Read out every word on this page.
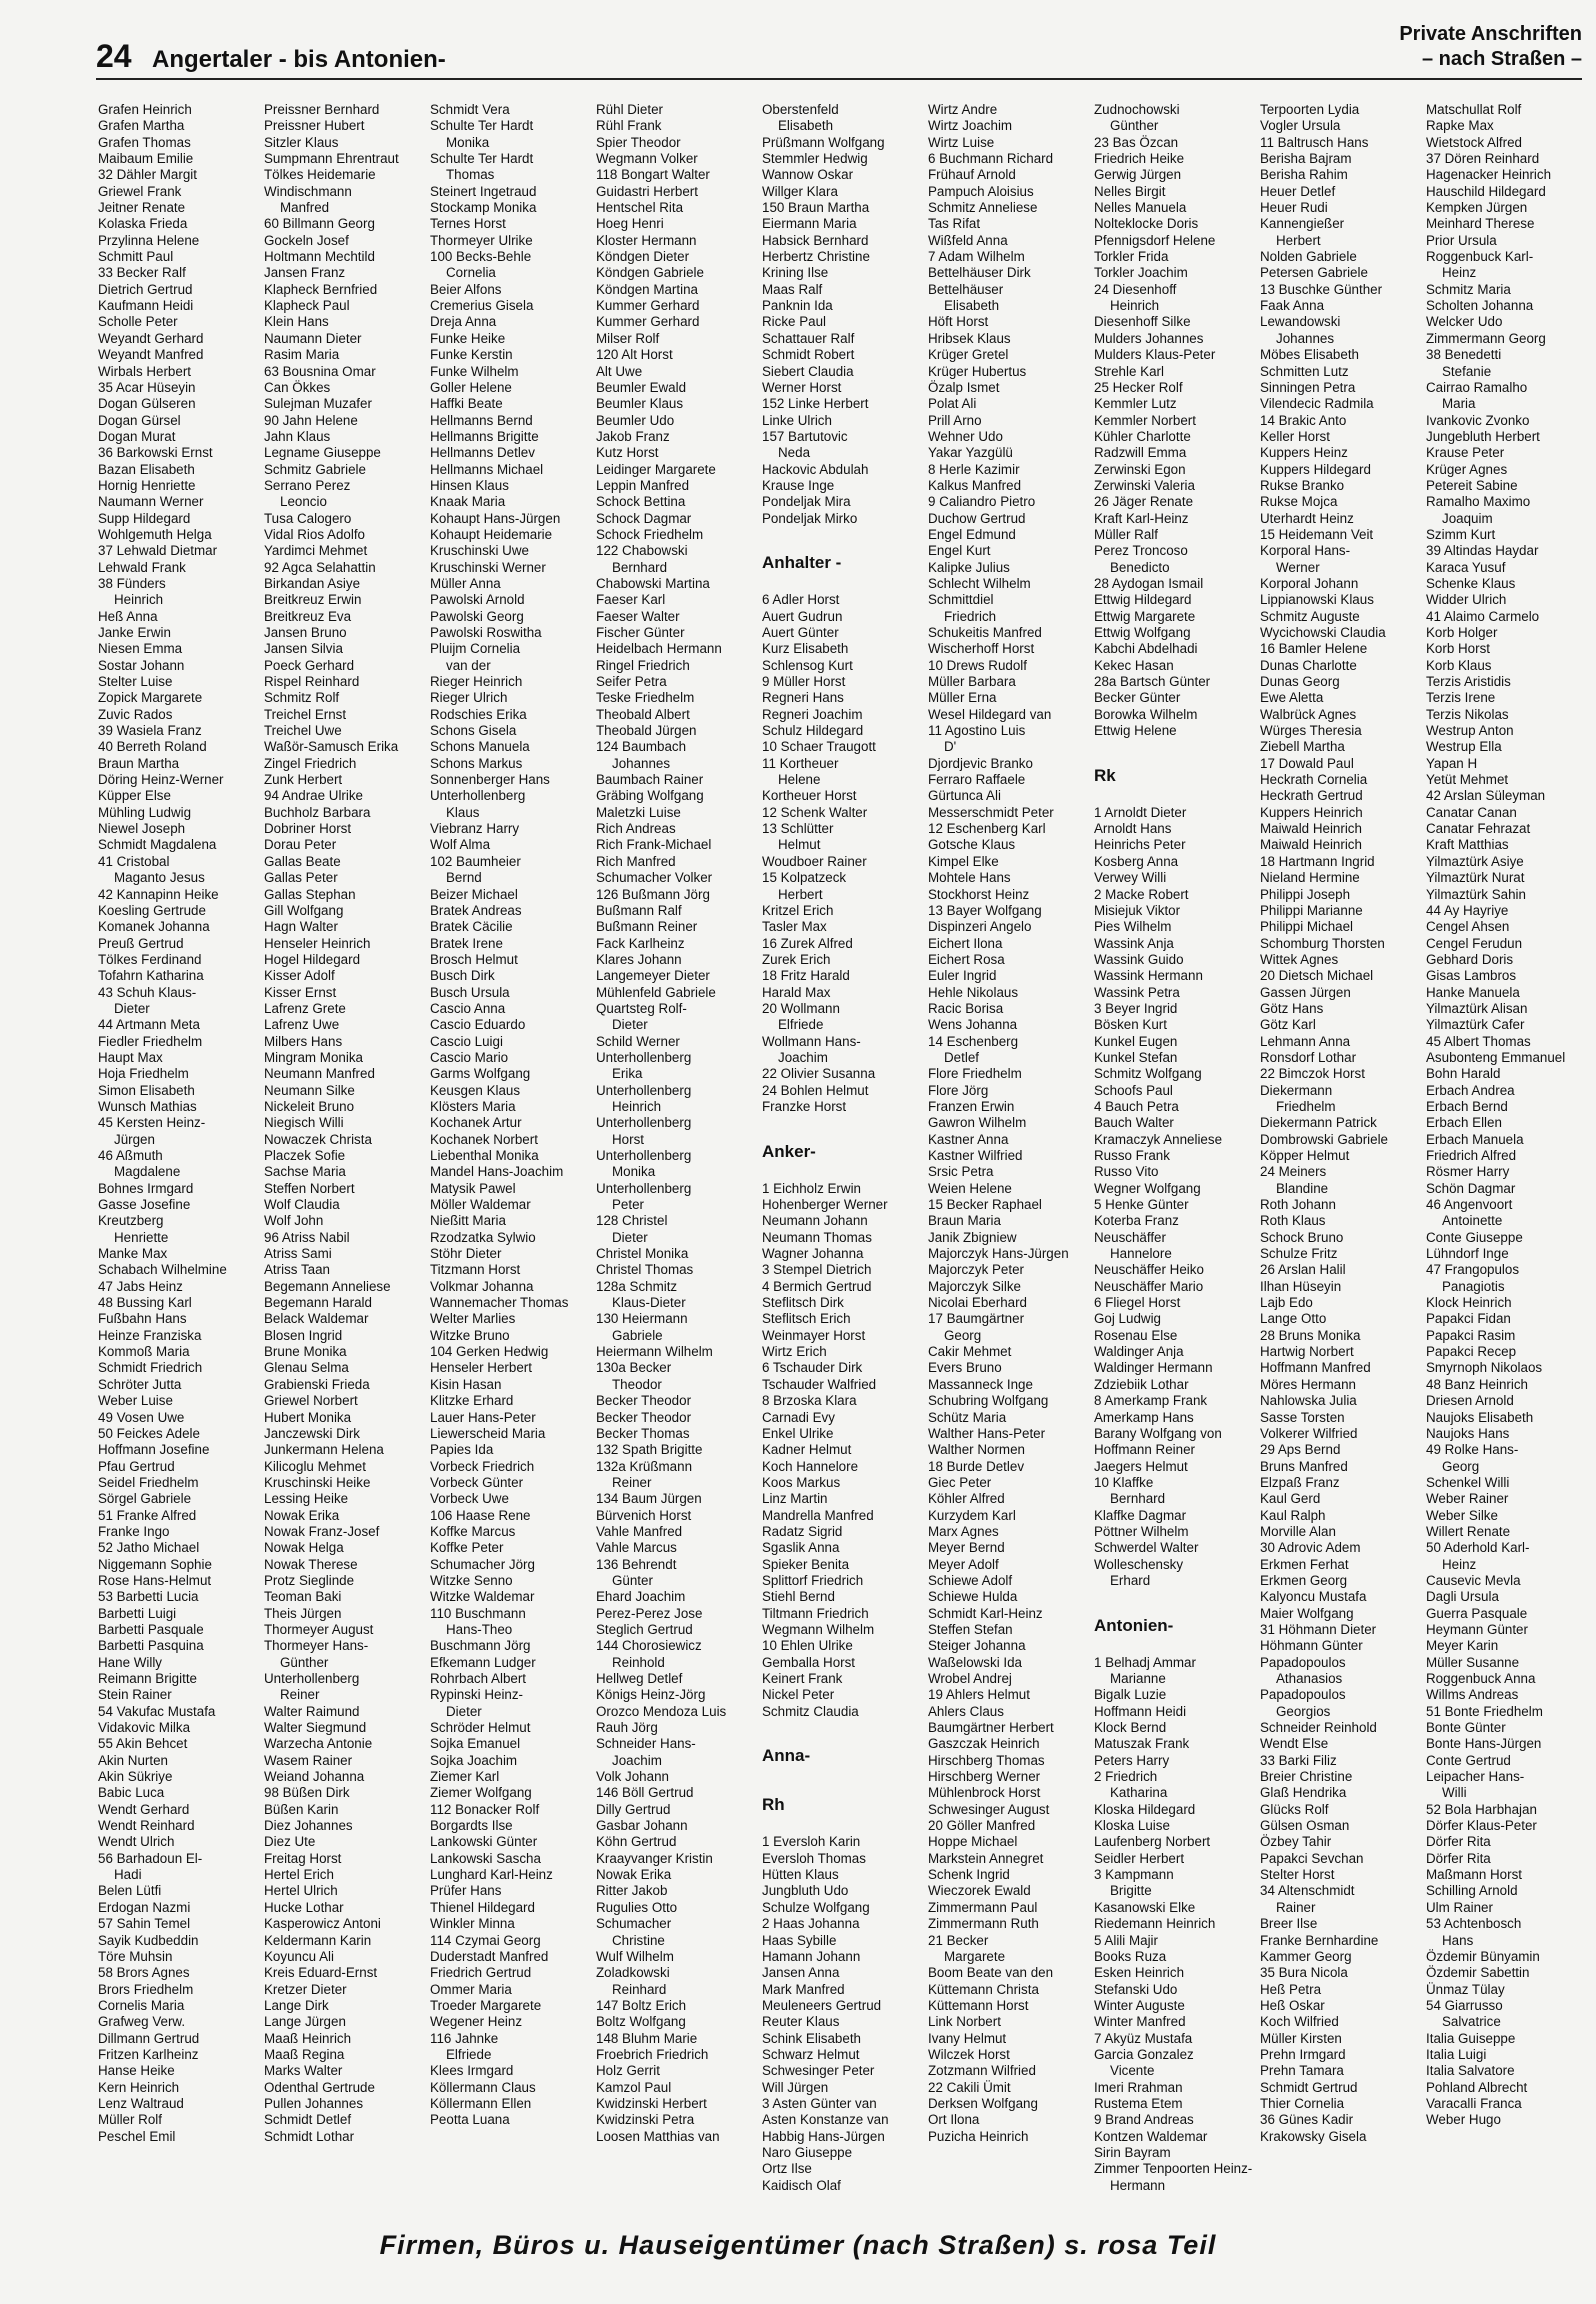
24 Angertaler - bis Antonien-
Private Anschriften
– nach Straßen –
Grafen Heinrich
Grafen Martha
Grafen Thomas
Maibaum Emilie
32 Dähler Margit
Griewel Frank
Jeitner Renate
Kolaska Frieda
Przylinna Helene
Schmitt Paul
33 Becker Ralf
Dietrich Gertrud
Kaufmann Heidi
Scholle Peter
Weyandt Gerhard
Weyandt Manfred
Wirbals Herbert
35 Acar Hüseyin
Dogan Gülseren
Dogan Gürsel
Dogan Murat
36 Barkowski Ernst
Bazan Elisabeth
Hornig Henriette
Naumann Werner
Supp Hildegard
Wohlgemuth Helga
37 Lehwald Dietmar
Lehwald Frank
38 Fünders
Heinrich
Heß Anna
Janke Erwin
Niesen Emma
Sostar Johann
Stelter Luise
Zopick Margarete
Zuvic Rados
39 Wasiela Franz
40 Berreth Roland
Braun Martha
Döring Heinz-Werner
Küpper Else
Mühling Ludwig
Niewel Joseph
Schmidt Magdalena
41 Cristobal
Maganto Jesus
42 Kannapinn Heike
Koesling Gertrude
Komanek Johanna
Preuß Gertrud
Tölkes Ferdinand
Tofahrn Katharina
43 Schuh Klaus-
Dieter
44 Artmann Meta
Fiedler Friedhelm
Haupt Max
Hoja Friedhelm
Simon Elisabeth
Wunsch Mathias
45 Kersten Heinz-
Jürgen
46 Aßmuth
Magdalene
Bohnes Irmgard
Gasse Josefine
Kreutzberg
Henriette
Manke Max
Schabach Wilhelmine
47 Jabs Heinz
48 Bussing Karl
Fußbahn Hans
Heinze Franziska
Kommoß Maria
Schmidt Friedrich
Schröter Jutta
Weber Luise
49 Vosen Uwe
50 Feickes Adele
Hoffmann Josefine
Pfau Gertrud
Seidel Friedhelm
Sörgel Gabriele
51 Franke Alfred
Franke Ingo
52 Jatho Michael
Niggemann Sophie
Rose Hans-Helmut
53 Barbetti Lucia
Barbetti Luigi
Barbetti Pasquale
Barbetti Pasquina
Hane Willy
Reimann Brigitte
Stein Rainer
54 Vakufac Mustafa
Vidakovic Milka
55 Akin Behcet
Akin Nurten
Akin Sükriye
Babic Luca
Wendt Gerhard
Wendt Reinhard
Wendt Ulrich
56 Barhadoun El-
Hadi
Belen Lütfi
Erdogan Nazmi
57 Sahin Temel
Sayik Kudbeddin
Töre Muhsin
58 Brors Agnes
Brors Friedhelm
Cornelis Maria
Grafweg Verw.
Dillmann Gertrud
Fritzen Karlheinz
Hanse Heike
Kern Heinrich
Lenz Waltraud
Müller Rolf
Peschel Emil
Preissner Bernhard
Preissner Hubert
Sitzler Klaus
Sumpmann Ehrentraut
Tölkes Heidemarie
Windischmann
Manfred
60 Billmann Georg
Gockeln Josef
Holtmann Mechtild
Jansen Franz
Klapheck Bernfried
Klapheck Paul
Klein Hans
Naumann Dieter
Rasim Maria
63 Bousnina Omar
Can Ökkes
Sulejman Muzafer
90 Jahn Helene
Jahn Klaus
Legname Giuseppe
Schmitz Gabriele
Serrano Perez
Leoncio
Tusa Calogero
Vidal Rios Adolfo
Yardimci Mehmet
92 Agca Selahattin
Birkandan Asiye
Breitkreuz Erwin
Breitkreuz Eva
Jansen Bruno
Jansen Silvia
Poeck Gerhard
Rispel Reinhard
Schmitz Rolf
Treichel Ernst
Treichel Uwe
Waßör-Samusch Erika
Zingel Friedrich
Zunk Herbert
94 Andrae Ulrike
Buchholz Barbara
Dobriner Horst
Dorau Peter
Gallas Beate
Gallas Peter
Gallas Stephan
Gill Wolfgang
Hagn Walter
Henseler Heinrich
Hogel Hildegard
Kisser Adolf
Kisser Ernst
Lafrenz Grete
Lafrenz Uwe
Milbers Hans
Mingram Monika
Neumann Manfred
Neumann Silke
Nickeleit Bruno
Niegisch Willi
Nowaczek Christa
Placzek Sofie
Sachse Maria
Steffen Norbert
Wolf Claudia
Wolf John
96 Atriss Nabil
Atriss Sami
Atriss Taan
Begemann Anneliese
Begemann Harald
Belack Waldemar
Blosen Ingrid
Brune Monika
Glenau Selma
Grabienski Frieda
Griewel Norbert
Hubert Monika
Janczewski Dirk
Junkermann Helena
Kilicoglu Mehmet
Kruschinski Heike
Lessing Heike
Nowak Erika
Nowak Franz-Josef
Nowak Helga
Nowak Therese
Protz Sieglinde
Teoman Baki
Theis Jürgen
Thormeyer August
Thormeyer Hans-
Günther
Unterhollenberg
Reiner
Walter Raimund
Walter Siegmund
Warzecha Antonie
Wasem Rainer
Weiand Johanna
98 Büßen Dirk
Büßen Karin
Diez Johannes
Diez Ute
Freitag Horst
Hertel Erich
Hertel Ulrich
Hucke Lothar
Kasperowicz Antoni
Keldermann Karin
Koyuncu Ali
Kreis Eduard-Ernst
Kretzer Dieter
Lange Dirk
Lange Jürgen
Maaß Heinrich
Maaß Regina
Marks Walter
Odenthal Gertrude
Pullen Johannes
Schmidt Detlef
Schmidt Lothar
Schmidt Vera
Schulte Ter Hardt
Monika
Schulte Ter Hardt
Thomas
Steinert Ingetraud
Stockamp Monika
Ternes Horst
Thormeyer Ulrike
100 Becks-Behle
Cornelia
Beier Alfons
Cremerius Gisela
Dreja Anna
Funke Heike
Funke Kerstin
Funke Wilhelm
Goller Helene
Haffki Beate
Hellmanns Bernd
Hellmanns Brigitte
Hellmanns Detlev
Hellmanns Michael
Hinsen Klaus
Knaak Maria
Kohaupt Hans-Jürgen
Kohaupt Heidemarie
Kruschinski Uwe
Kruschinski Werner
Müller Anna
Pawolski Arnold
Pawolski Georg
Pawolski Roswitha
Pluijm Cornelia
van der
Rieger Heinrich
Rieger Ulrich
Rodschies Erika
Schons Gisela
Schons Manuela
Schons Markus
Sonnenberger Hans
Unterhollenberg
Klaus
Viebranz Harry
Wolf Alma
102 Baumheier
Bernd
Beizer Michael
Bratek Andreas
Bratek Cäcilie
Bratek Irene
Brosch Helmut
Busch Dirk
Busch Ursula
Cascio Anna
Cascio Eduardo
Cascio Luigi
Cascio Mario
Garms Wolfgang
Keusgen Klaus
Klösters Maria
Kochanek Artur
Kochanek Norbert
Liebenthal Monika
Mandel Hans-Joachim
Matysik Pawel
Möller Waldemar
Nießitt Maria
Rzodzatka Sylwio
Stöhr Dieter
Titzmann Horst
Volkmar Johanna
Wannemacher Thomas
Welter Marlies
Witzke Bruno
104 Gerken Hedwig
Henseler Herbert
Kisin Hasan
Klitzke Erhard
Lauer Hans-Peter
Liewerscheid Maria
Papies Ida
Vorbeck Friedrich
Vorbeck Günter
Vorbeck Uwe
106 Haase Rene
Koffke Marcus
Koffke Peter
Schumacher Jörg
Witzke Senno
Witzke Waldemar
110 Buschmann
Hans-Theo
Buschmann Jörg
Efkemann Ludger
Rohrbach Albert
Rypinski Heinz-
Dieter
Schröder Helmut
Sojka Emanuel
Sojka Joachim
Ziemer Karl
Ziemer Wolfgang
112 Bonacker Rolf
Borgardts Ilse
Lankowski Günter
Lankowski Sascha
Lunghard Karl-Heinz
Prüfer Hans
Thienel Hildegard
Winkler Minna
114 Czymai Georg
Duderstadt Manfred
Friedrich Gertrud
Ommer Maria
Troeder Margarete
Wegener Heinz
116 Jahnke
Elfriede
Klees Irmgard
Köllermann Claus
Köllermann Ellen
Peotta Luana
Rühl Dieter
Rühl Frank
Spier Theodor
Wegmann Volker
118 Bongart Walter
Guidastri Herbert
Hentschel Rita
Hoeg Henri
Kloster Hermann
Köndgen Dieter
Köndgen Gabriele
Köndgen Martina
Kummer Gerhard
Kummer Gerhard
Milser Rolf
120 Alt Horst
Alt Uwe
Beumler Ewald
Beumler Klaus
Beumler Udo
Jakob Franz
Kutz Horst
Leidinger Margarete
Leppin Manfred
Schock Bettina
Schock Dagmar
Schock Friedhelm
122 Chabowski
Bernhard
Chabowski Martina
Faeser Karl
Faeser Walter
Fischer Günter
Heidelbach Hermann
Ringel Friedrich
Seifer Petra
Teske Friedhelm
Theobald Albert
Theobald Jürgen
124 Baumbach
Johannes
Baumbach Rainer
Gräbing Wolfgang
Maletzki Luise
Rich Andreas
Rich Frank-Michael
Rich Manfred
Schumacher Volker
126 Bußmann Jörg
Bußmann Ralf
Bußmann Reiner
Fack Karlheinz
Klares Johann
Langemeyer Dieter
Mühlenfeld Gabriele
Quartsteg Rolf-
Dieter
Schild Werner
Unterhollenberg
Erika
Unterhollenberg
Heinrich
Unterhollenberg
Horst
Unterhollenberg
Monika
Unterhollenberg
Peter
128 Christel
Dieter
Christel Monika
Christel Thomas
128a Schmitz
Klaus-Dieter
130 Heiermann
Gabriele
Heiermann Wilhelm
130a Becker
Theodor
Becker Theodor
Becker Theodor
Becker Thomas
132 Spath Brigitte
132a Krüßmann
Reiner
134 Baum Jürgen
Bürvenich Horst
Vahle Manfred
Vahle Marcus
136 Behrendt
Günter
Ehard Joachim
Perez-Perez Jose
Steglich Gertrud
144 Chorosiewicz
Reinhold
Hellweg Detlef
Königs Heinz-Jörg
Orozco Mendoza Luis
Rauh Jörg
Schneider Hans-
Joachim
Volk Johann
146 Böll Gertrud
Dilly Gertrud
Gasbar Johann
Köhn Gertrud
Kraayvanger Kristin
Nowak Erika
Ritter Jakob
Rugulies Otto
Schumacher
Christine
Wulf Wilhelm
Zoladkowski
Reinhard
147 Boltz Erich
Boltz Wolfgang
148 Bluhm Marie
Froebrich Friedrich
Holz Gerrit
Kamzol Paul
Kwidzinski Herbert
Kwidzinski Petra
Loosen Matthias van
Oberstenfeld
Elisabeth
Prüßmann Wolfgang
Stemmler Hedwig
Wannow Oskar
Willger Klara
150 Braun Martha
Eiermann Maria
Habsick Bernhard
Herbertz Christine
Krining Ilse
Maas Ralf
Panknin Ida
Ricke Paul
Schattauer Ralf
Schmidt Robert
Siebert Claudia
Werner Horst
152 Linke Herbert
Linke Ulrich
157 Bartutovic
Neda
Hackovic Abdulah
Krause Inge
Pondeljak Mira
Pondeljak Mirko
Anhalter -
6 Adler Horst
Auert Gudrun
Auert Günter
Kurz Elisabeth
Schlensog Kurt
9 Müller Horst
Regneri Hans
Regneri Joachim
Schulz Hildegard
10 Schaer Traugott
11 Kortheuer
Helene
Kortheuer Horst
12 Schenk Walter
13 Schlütter
Helmut
Woudboer Rainer
15 Kolpatzeck
Herbert
Kritzel Erich
Tasler Max
16 Zurek Alfred
Zurek Erich
18 Fritz Harald
Harald Max
20 Wollmann
Elfriede
Wollmann Hans-
Joachim
22 Olivier Susanna
24 Bohlen Helmut
Franzke Horst
Anker-
1 Eichholz Erwin
Hohenberger Werner
Neumann Johann
Neumann Thomas
Wagner Johanna
3 Stempel Dietrich
4 Bermich Gertrud
Steflitsch Dirk
Steflitsch Erich
Weinmayer Horst
Wirtz Erich
6 Tschauder Dirk
Tschauder Walfried
8 Brzoska Klara
Carnadi Evy
Enkel Ulrike
Kadner Helmut
Koch Hannelore
Koos Markus
Linz Martin
Mandrella Manfred
Radatz Sigrid
Sgaslik Anna
Spieker Benita
Splittorf Friedrich
Stiehl Bernd
Tiltmann Friedrich
Wegmann Wilhelm
10 Ehlen Ulrike
Gemballa Horst
Keinert Frank
Nickel Peter
Schmitz Claudia
Anna-
Rh
1 Eversloh Karin
Eversloh Thomas
Hütten Klaus
Jungbluth Udo
Schulze Wolfgang
2 Haas Johanna
Haas Sybille
Hamann Johann
Jansen Anna
Mark Manfred
Meuleneers Gertrud
Reuter Klaus
Schink Elisabeth
Schwarz Helmut
Schwesinger Peter
Will Jürgen
3 Asten Günter van
Asten Konstanze van
Habbig Hans-Jürgen
Naro Giuseppe
Ortz Ilse
Kaidisch Olaf
Wirtz Andre
Wirtz Joachim
Wirtz Luise
6 Buchmann Richard
Frühauf Arnold
Pampuch Aloisius
Schmitz Anneliese
Tas Rifat
Wißfeld Anna
7 Adam Wilhelm
Bettelhäuser Dirk
Bettelhäuser
Elisabeth
Höft Horst
Hribsek Klaus
Krüger Gretel
Krüger Hubertus
Özalp Ismet
Polat Ali
Prill Arno
Wehner Udo
Yakar Yazgülü
8 Herle Kazimir
Kalkus Manfred
9 Caliandro Pietro
Duchow Gertrud
Engel Edmund
Engel Kurt
Kalipke Julius
Schlecht Wilhelm
Schmittdiel
Friedrich
Schukeitis Manfred
Wischerhoff Horst
10 Drews Rudolf
Müller Barbara
Müller Erna
Wesel Hildegard van
11 Agostino Luis
D'
Djordjevic Branko
Ferraro Raffaele
Gürtunca Ali
Messerschmidt Peter
12 Eschenberg Karl
Gotsche Klaus
Kimpel Elke
Mohtele Hans
Stockhorst Heinz
13 Bayer Wolfgang
Dispinzeri Angelo
Eichert Ilona
Eichert Rosa
Euler Ingrid
Hehle Nikolaus
Racic Borisa
Wens Johanna
14 Eschenberg
Detlef
Flore Friedhelm
Flore Jörg
Franzen Erwin
Gawron Wilhelm
Kastner Anna
Kastner Wilfried
Srsic Petra
Weien Helene
15 Becker Raphael
Braun Maria
Janik Zbigniew
Majorczyk Hans-Jürgen
Majorczyk Peter
Majorczyk Silke
Nicolai Eberhard
17 Baumgärtner
Georg
Cakir Mehmet
Evers Bruno
Massanneck Inge
Schubring Wolfgang
Schütz Maria
Walther Hans-Peter
Walther Normen
18 Burde Detlev
Giec Peter
Köhler Alfred
Kurzydem Karl
Marx Agnes
Meyer Bernd
Meyer Adolf
Schiewe Adolf
Schiewe Hulda
Schmidt Karl-Heinz
Steffen Stefan
Steiger Johanna
Waßelowski Ida
Wrobel Andrej
19 Ahlers Helmut
Ahlers Claus
Baumgärtner Herbert
Gaszczak Heinrich
Hirschberg Thomas
Hirschberg Werner
Mühlenbrock Horst
Schwesinger August
20 Göller Manfred
Hoppe Michael
Markstein Annegret
Schenk Ingrid
Wieczorek Ewald
Zimmermann Paul
Zimmermann Ruth
21 Becker
Margarete
Boom Beate van den
Küttemann Christa
Küttemann Horst
Link Norbert
Ivany Helmut
Wilczek Horst
Zotzmann Wilfried
22 Cakili Ümit
Derksen Wolfgang
Ort Ilona
Puzicha Heinrich
Zudnochowski
Günther
23 Bas Özcan
Friedrich Heike
Gerwig Jürgen
Nelles Birgit
Nelles Manuela
Nolteklocke Doris
Pfennigsdorf Helene
Torkler Frida
Torkler Joachim
24 Diesenhoff
Heinrich
Diesenhoff Silke
Mulders Johannes
Mulders Klaus-Peter
Strehle Karl
25 Hecker Rolf
Kemmler Lutz
Kemmler Norbert
Kühler Charlotte
Radzwill Emma
Zerwinski Egon
Zerwinski Valeria
26 Jäger Renate
Kraft Karl-Heinz
Müller Ralf
Perez Troncoso
Benedicto
28 Aydogan Ismail
Ettwig Hildegard
Ettwig Margarete
Ettwig Wolfgang
Kabchi Abdelhadi
Kekec Hasan
28a Bartsch Günter
Becker Günter
Borowka Wilhelm
Ettwig Helene
Rk
1 Arnoldt Dieter
Arnoldt Hans
Heinrichs Peter
Kosberg Anna
Verwey Willi
2 Macke Robert
Misiejuk Viktor
Pies Wilhelm
Wassink Anja
Wassink Guido
Wassink Hermann
Wassink Petra
3 Beyer Ingrid
Bösken Kurt
Kunkel Eugen
Kunkel Stefan
Schmitz Wolfgang
Schoofs Paul
4 Bauch Petra
Bauch Walter
Kramaczyk Anneliese
Russo Frank
Russo Vito
Wegner Wolfgang
5 Henke Günter
Koterba Franz
Neuschäffer
Hannelore
Neuschäffer Heiko
Neuschäffer Mario
6 Fliegel Horst
Goj Ludwig
Rosenau Else
Waldinger Anja
Waldinger Hermann
Zdziebiik Lothar
8 Amerkamp Frank
Amerkamp Hans
Barany Wolfgang von
Hoffmann Reiner
Jaegers Helmut
10 Klaffke
Bernhard
Klaffke Dagmar
Pöttner Wilhelm
Schwerdel Walter
Wolleschensky
Erhard
Antonien-
1 Belhadj Ammar
Marianne
Bigalk Luzie
Hoffmann Heidi
Klock Bernd
Matuszak Frank
Peters Harry
2 Friedrich
Katharina
Kloska Hildegard
Kloska Luise
Laufenberg Norbert
Seidler Herbert
3 Kampmann
Brigitte
Kasanowski Elke
Riedemann Heinrich
5 Alili Majir
Books Ruza
Esken Heinrich
Stefanski Udo
Winter Auguste
Winter Manfred
7 Akyüz Mustafa
Garcia Gonzalez
Vicente
Imeri Rrahman
Rustema Etem
9 Brand Andreas
Kontzen Waldemar
Sirin Bayram
Zimmer Tenpoorten Heinz-
Hermann
Terpoorten Lydia
Vogler Ursula
11 Baltrusch Hans
Berisha Bajram
Berisha Rahim
Heuer Detlef
Heuer Rudi
Kannengießer
Herbert
Nolden Gabriele
Petersen Gabriele
13 Buschke Günther
Faak Anna
Lewandowski
Johannes
Möbes Elisabeth
Schmitten Lutz
Sinningen Petra
Vilendecic Radmila
14 Brakic Anto
Keller Horst
Kuppers Heinz
Kuppers Hildegard
Rukse Branko
Rukse Mojca
Uterhardt Heinz
15 Heidemann Veit
Korporal Hans-
Werner
Korporal Johann
Lippianowski Klaus
Schmitz Auguste
Wycichowski Claudia
16 Bamler Helene
Dunas Charlotte
Dunas Georg
Ewe Aletta
Walbrück Agnes
Würges Theresia
Ziebell Martha
17 Dowald Paul
Heckrath Cornelia
Heckrath Gertrud
Kuppers Heinrich
Maiwald Heinrich
Maiwald Heinrich
18 Hartmann Ingrid
Nieland Hermine
Philippi Joseph
Philippi Marianne
Philippi Michael
Schomburg Thorsten
Wittek Agnes
20 Dietsch Michael
Gassen Jürgen
Götz Hans
Götz Karl
Lehmann Anna
Ronsdorf Lothar
22 Bimczok Horst
Diekermann
Friedhelm
Diekermann Patrick
Dombrowski Gabriele
Köpper Helmut
24 Meiners
Blandine
Roth Johann
Roth Klaus
Schock Bruno
Schulze Fritz
26 Arslan Halil
Ilhan Hüseyin
Lajb Edo
Lange Otto
28 Bruns Monika
Hartwig Norbert
Hoffmann Manfred
Möres Hermann
Nahlowska Julia
Sasse Torsten
Volkerer Wilfried
29 Aps Bernd
Bruns Manfred
Elzpaß Franz
Kaul Gerd
Kaul Ralph
Morville Alan
30 Adrovic Adem
Erkmen Ferhat
Erkmen Georg
Kalyoncu Mustafa
Maier Wolfgang
31 Höhmann Dieter
Höhmann Günter
Papadopoulos
Athanasios
Papadopoulos
Georgios
Schneider Reinhold
Wendt Else
33 Barki Filiz
Breier Christine
Glaß Hendrika
Glücks Rolf
Gülsen Osman
Özbey Tahir
Papakci Sevchan
Stelter Horst
34 Altenschmidt
Rainer
Breer Ilse
Franke Bernhardine
Kammer Georg
35 Bura Nicola
Heß Petra
Heß Oskar
Koch Wilfried
Müller Kirsten
Prehn Irmgard
Prehn Tamara
Schmidt Gertrud
Thier Cornelia
36 Günes Kadir
Krakowsky Gisela
Matschullat Rolf
Rapke Max
Wietstock Alfred
37 Dören Reinhard
Hagenacker Heinrich
Hauschild Hildegard
Kempken Jürgen
Meinhard Therese
Prior Ursula
Roggenbuck Karl-
Heinz
Schmitz Maria
Scholten Johanna
Welcker Udo
Zimmermann Georg
38 Benedetti
Stefanie
Cairrao Ramalho
Maria
Ivankovic Zvonko
Jungebluth Herbert
Krause Peter
Krüger Agnes
Petereit Sabine
Ramalho Maximo
Joaquim
Szimm Kurt
39 Altindas Haydar
Karaca Yusuf
Schenke Klaus
Widder Ulrich
41 Alaimo Carmelo
Korb Holger
Korb Horst
Korb Klaus
Terzis Aristidis
Terzis Irene
Terzis Nikolas
Westrup Anton
Westrup Ella
Yapan H
Yetüt Mehmet
42 Arslan Süleyman
Canatar Canan
Canatar Fehrazat
Kraft Matthias
Yilmaztürk Asiye
Yilmaztürk Nurat
Yilmaztürk Sahin
44 Ay Hayriye
Cengel Ahsen
Cengel Ferudun
Gebhard Doris
Gisas Lambros
Hanke Manuela
Yilmaztürk Alisan
Yilmaztürk Cafer
45 Albert Thomas
Asubonteng Emmanuel
Bohn Harald
Erbach Andrea
Erbach Bernd
Erbach Ellen
Erbach Manuela
Friedrich Alfred
Rösmer Harry
Schön Dagmar
46 Angenvoort
Antoinette
Conte Giuseppe
Lühndorf Inge
47 Frangopulos
Panagiotis
Klock Heinrich
Papakci Fidan
Papakci Rasim
Papakci Recep
Smyrnoph Nikolaos
48 Banz Heinrich
Driesen Arnold
Naujoks Elisabeth
Naujoks Hans
49 Rolke Hans-
Georg
Schenkel Willi
Weber Rainer
Weber Silke
Willert Renate
50 Aderhold Karl-
Heinz
Causevic Mevla
Dagli Ursula
Guerra Pasquale
Heymann Günter
Meyer Karin
Müller Susanne
Roggenbuck Anna
Willms Andreas
51 Bonte Friedhelm
Bonte Günter
Bonte Hans-Jürgen
Conte Gertrud
Leipacher Hans-
Willi
52 Bola Harbhajan
Dörfer Klaus-Peter
Dörfer Rita
Dörfer Rita
Maßmann Horst
Schilling Arnold
Ulm Rainer
53 Achtenbosch
Hans
Özdemir Bünyamin
Özdemir Sabettin
Ünmaz Tülay
54 Giarrusso
Salvatrice
Italia Guiseppe
Italia Luigi
Italia Salvatore
Pohland Albrecht
Varacalli Franca
Weber Hugo
Firmen, Büros u. Hauseigentümer (nach Straßen) s. rosa Teil
